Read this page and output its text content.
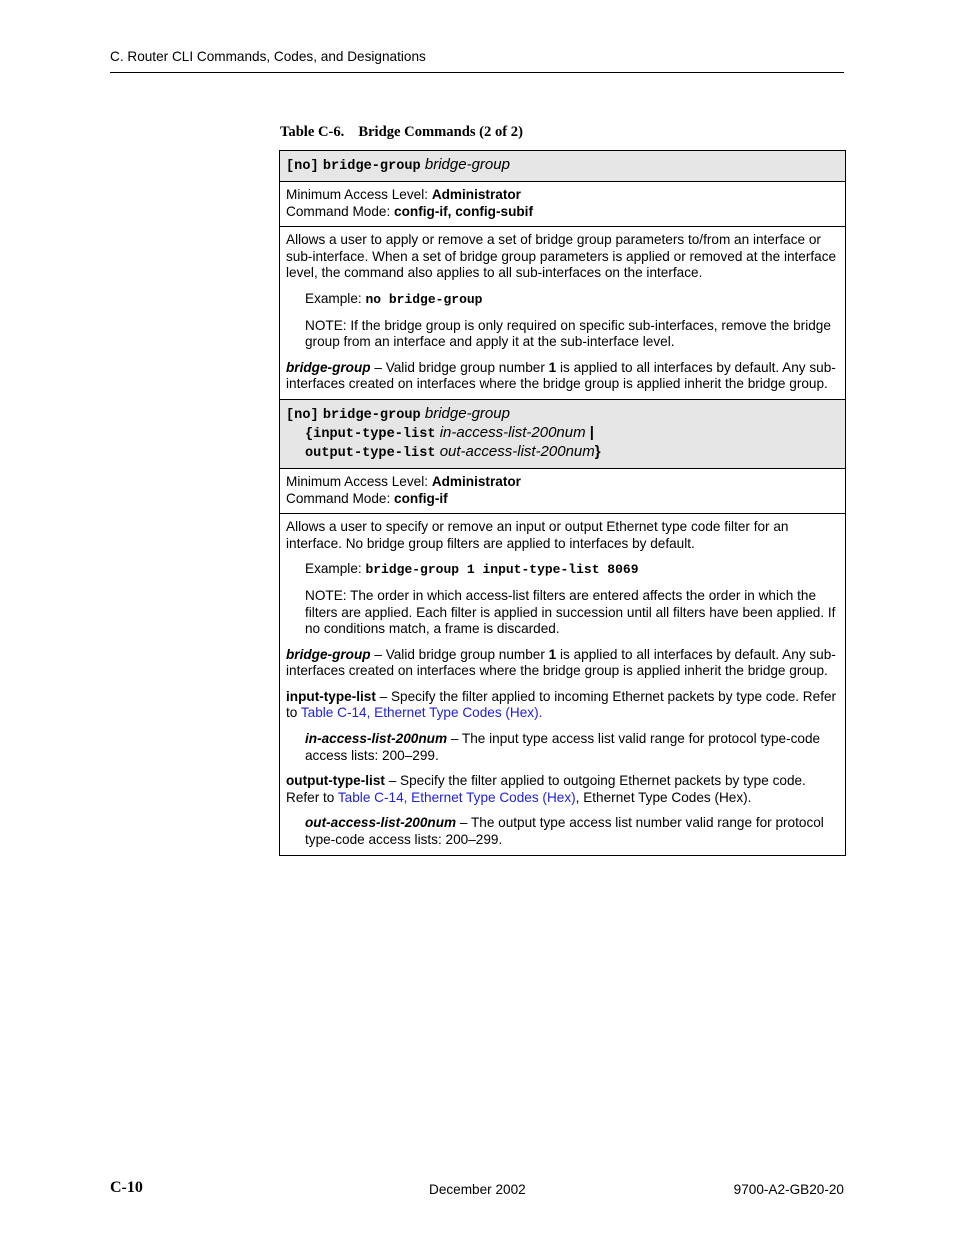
C. Router CLI Commands, Codes, and Designations
Table C-6. Bridge Commands (2 of 2)
[no] bridge-group bridge-group

Minimum Access Level: Administrator
Command Mode: config-if, config-subif

Allows a user to apply or remove a set of bridge group parameters to/from an interface or sub-interface. When a set of bridge group parameters is applied or removed at the interface level, the command also applies to all sub-interfaces on the interface.

Example: no bridge-group

NOTE: If the bridge group is only required on specific sub-interfaces, remove the bridge group from an interface and apply it at the sub-interface level.

bridge-group – Valid bridge group number 1 is applied to all interfaces by default. Any sub-interfaces created on interfaces where the bridge group is applied inherit the bridge group.

[no] bridge-group bridge-group
{input-type-list in-access-list-200num |
output-type-list out-access-list-200num}

Minimum Access Level: Administrator
Command Mode: config-if

Allows a user to specify or remove an input or output Ethernet type code filter for an interface. No bridge group filters are applied to interfaces by default.

Example: bridge-group 1 input-type-list 8069

NOTE: The order in which access-list filters are entered affects the order in which the filters are applied. Each filter is applied in succession until all filters have been applied. If no conditions match, a frame is discarded.

bridge-group – Valid bridge group number 1 is applied to all interfaces by default. Any sub-interfaces created on interfaces where the bridge group is applied inherit the bridge group.

input-type-list – Specify the filter applied to incoming Ethernet packets by type code. Refer to Table C-14, Ethernet Type Codes (Hex).

in-access-list-200num – The input type access list valid range for protocol type-code access lists: 200–299.

output-type-list – Specify the filter applied to outgoing Ethernet packets by type code. Refer to Table C-14, Ethernet Type Codes (Hex), Ethernet Type Codes (Hex).

out-access-list-200num – The output type access list number valid range for protocol type-code access lists: 200–299.

C-10	December 2002	9700-A2-GB20-20
